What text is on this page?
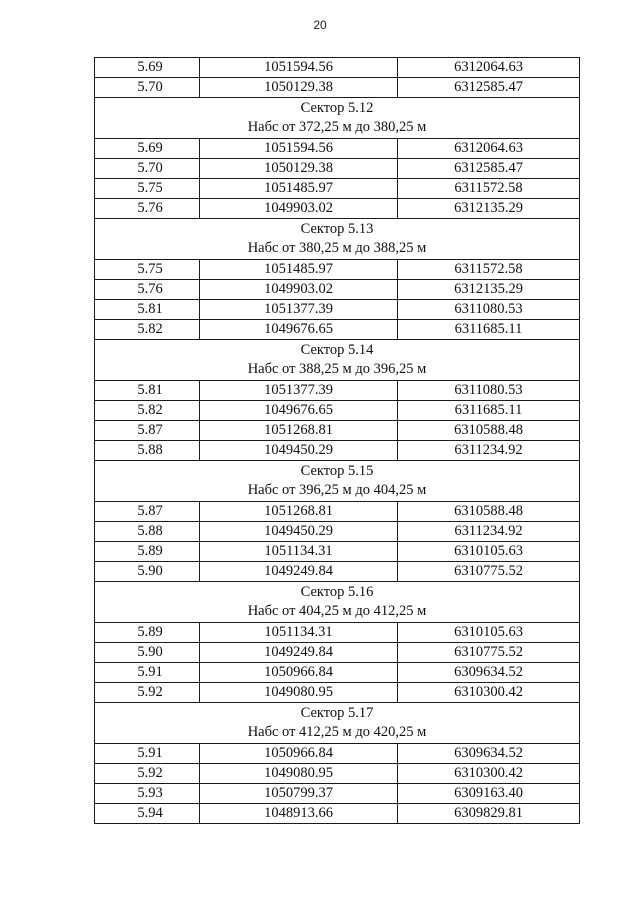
20
5.69	1051594.56	6312064.63
5.70	1050129.38	6312585.47

Сектор 5.12
Набс от 372,25 м до 380,25 м		

5.69	1051594.56	6312064.63
5.70	1050129.38	6312585.47
5.75	1051485.97	6311572.58
5.76	1049903.02	6312135.29

Сектор 5.13
Набс от 380,25 м до 388,25 м		

5.75	1051485.97	6311572.58
5.76	1049903.02	6312135.29
5.81	1051377.39	6311080.53
5.82	1049676.65	6311685.11

Сектор 5.14
Набс от 388,25 м до 396,25 м		

5.81	1051377.39	6311080.53
5.82	1049676.65	6311685.11
5.87	1051268.81	6310588.48
5.88	1049450.29	6311234.92

Сектор 5.15
Набс от 396,25 м до 404,25 м		

5.87	1051268.81	6310588.48
5.88	1049450.29	6311234.92
5.89	1051134.31	6310105.63
5.90	1049249.84	6310775.52

Сектор 5.16
Набс от 404,25 м до 412,25 м		

5.89	1051134.31	6310105.63
5.90	1049249.84	6310775.52
5.91	1050966.84	6309634.52
5.92	1049080.95	6310300.42

Сектор 5.17
Набс от 412,25 м до 420,25 м		

5.91	1050966.84	6309634.52
5.92	1049080.95	6310300.42
5.93	1050799.37	6309163.40
5.94	1048913.66	6309829.81
